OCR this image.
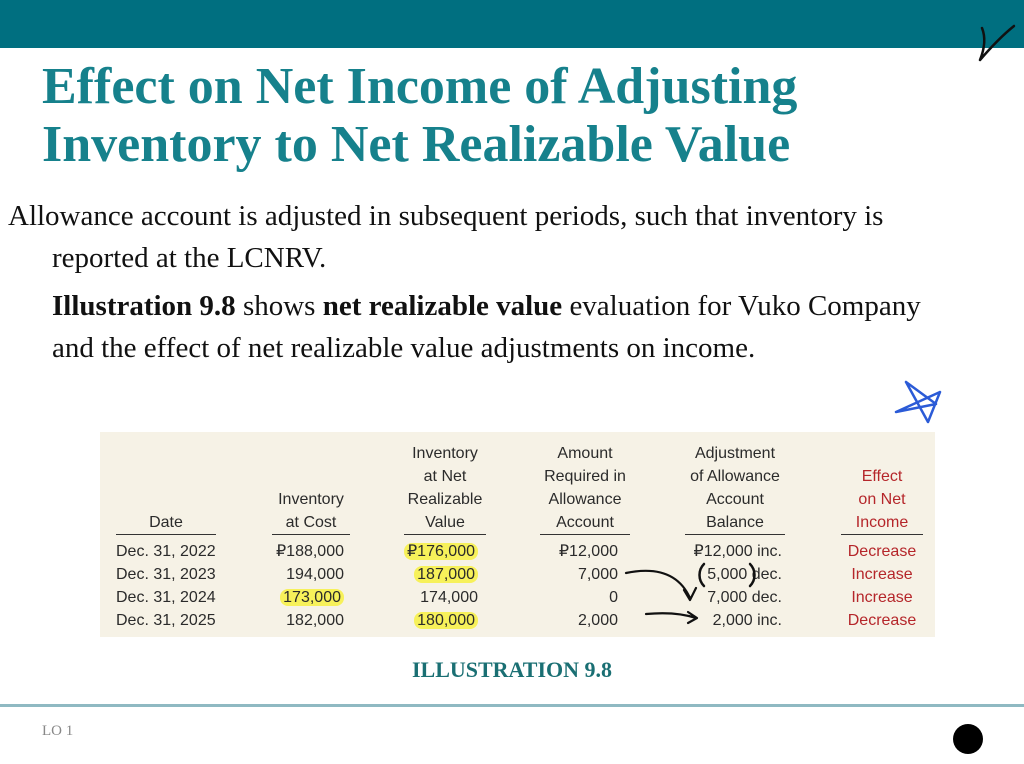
Effect on Net Income of Adjusting
Inventory to Net Realizable Value

Allowance account is adjusted in subsequent periods, such that inventory is reported at the LCNRV.

Illustration 9.8 shows net realizable value evaluation for Vuko Company and the effect of net realizable value adjustments on income.

Date
Inventory
at Cost
Inventory
at Net
Realizable
Value
Amount
Required in
Allowance
Account
Adjustment
of Allowance
Account
Balance
Effect
on Net
Income
Dec. 31, 2022
Dec. 31, 2023
Dec. 31, 2024
Dec. 31, 2025
₽188,000
194,000
173,000
182,000
₽176,000
187,000
174,000
180,000
₽12,000
7,000
0
2,000
₽12,000 inc.
5,000 dec.
7,000 dec.
2,000 inc.
Decrease
Increase
Increase
Decrease
ILLUSTRATION 9.8
LO 1
